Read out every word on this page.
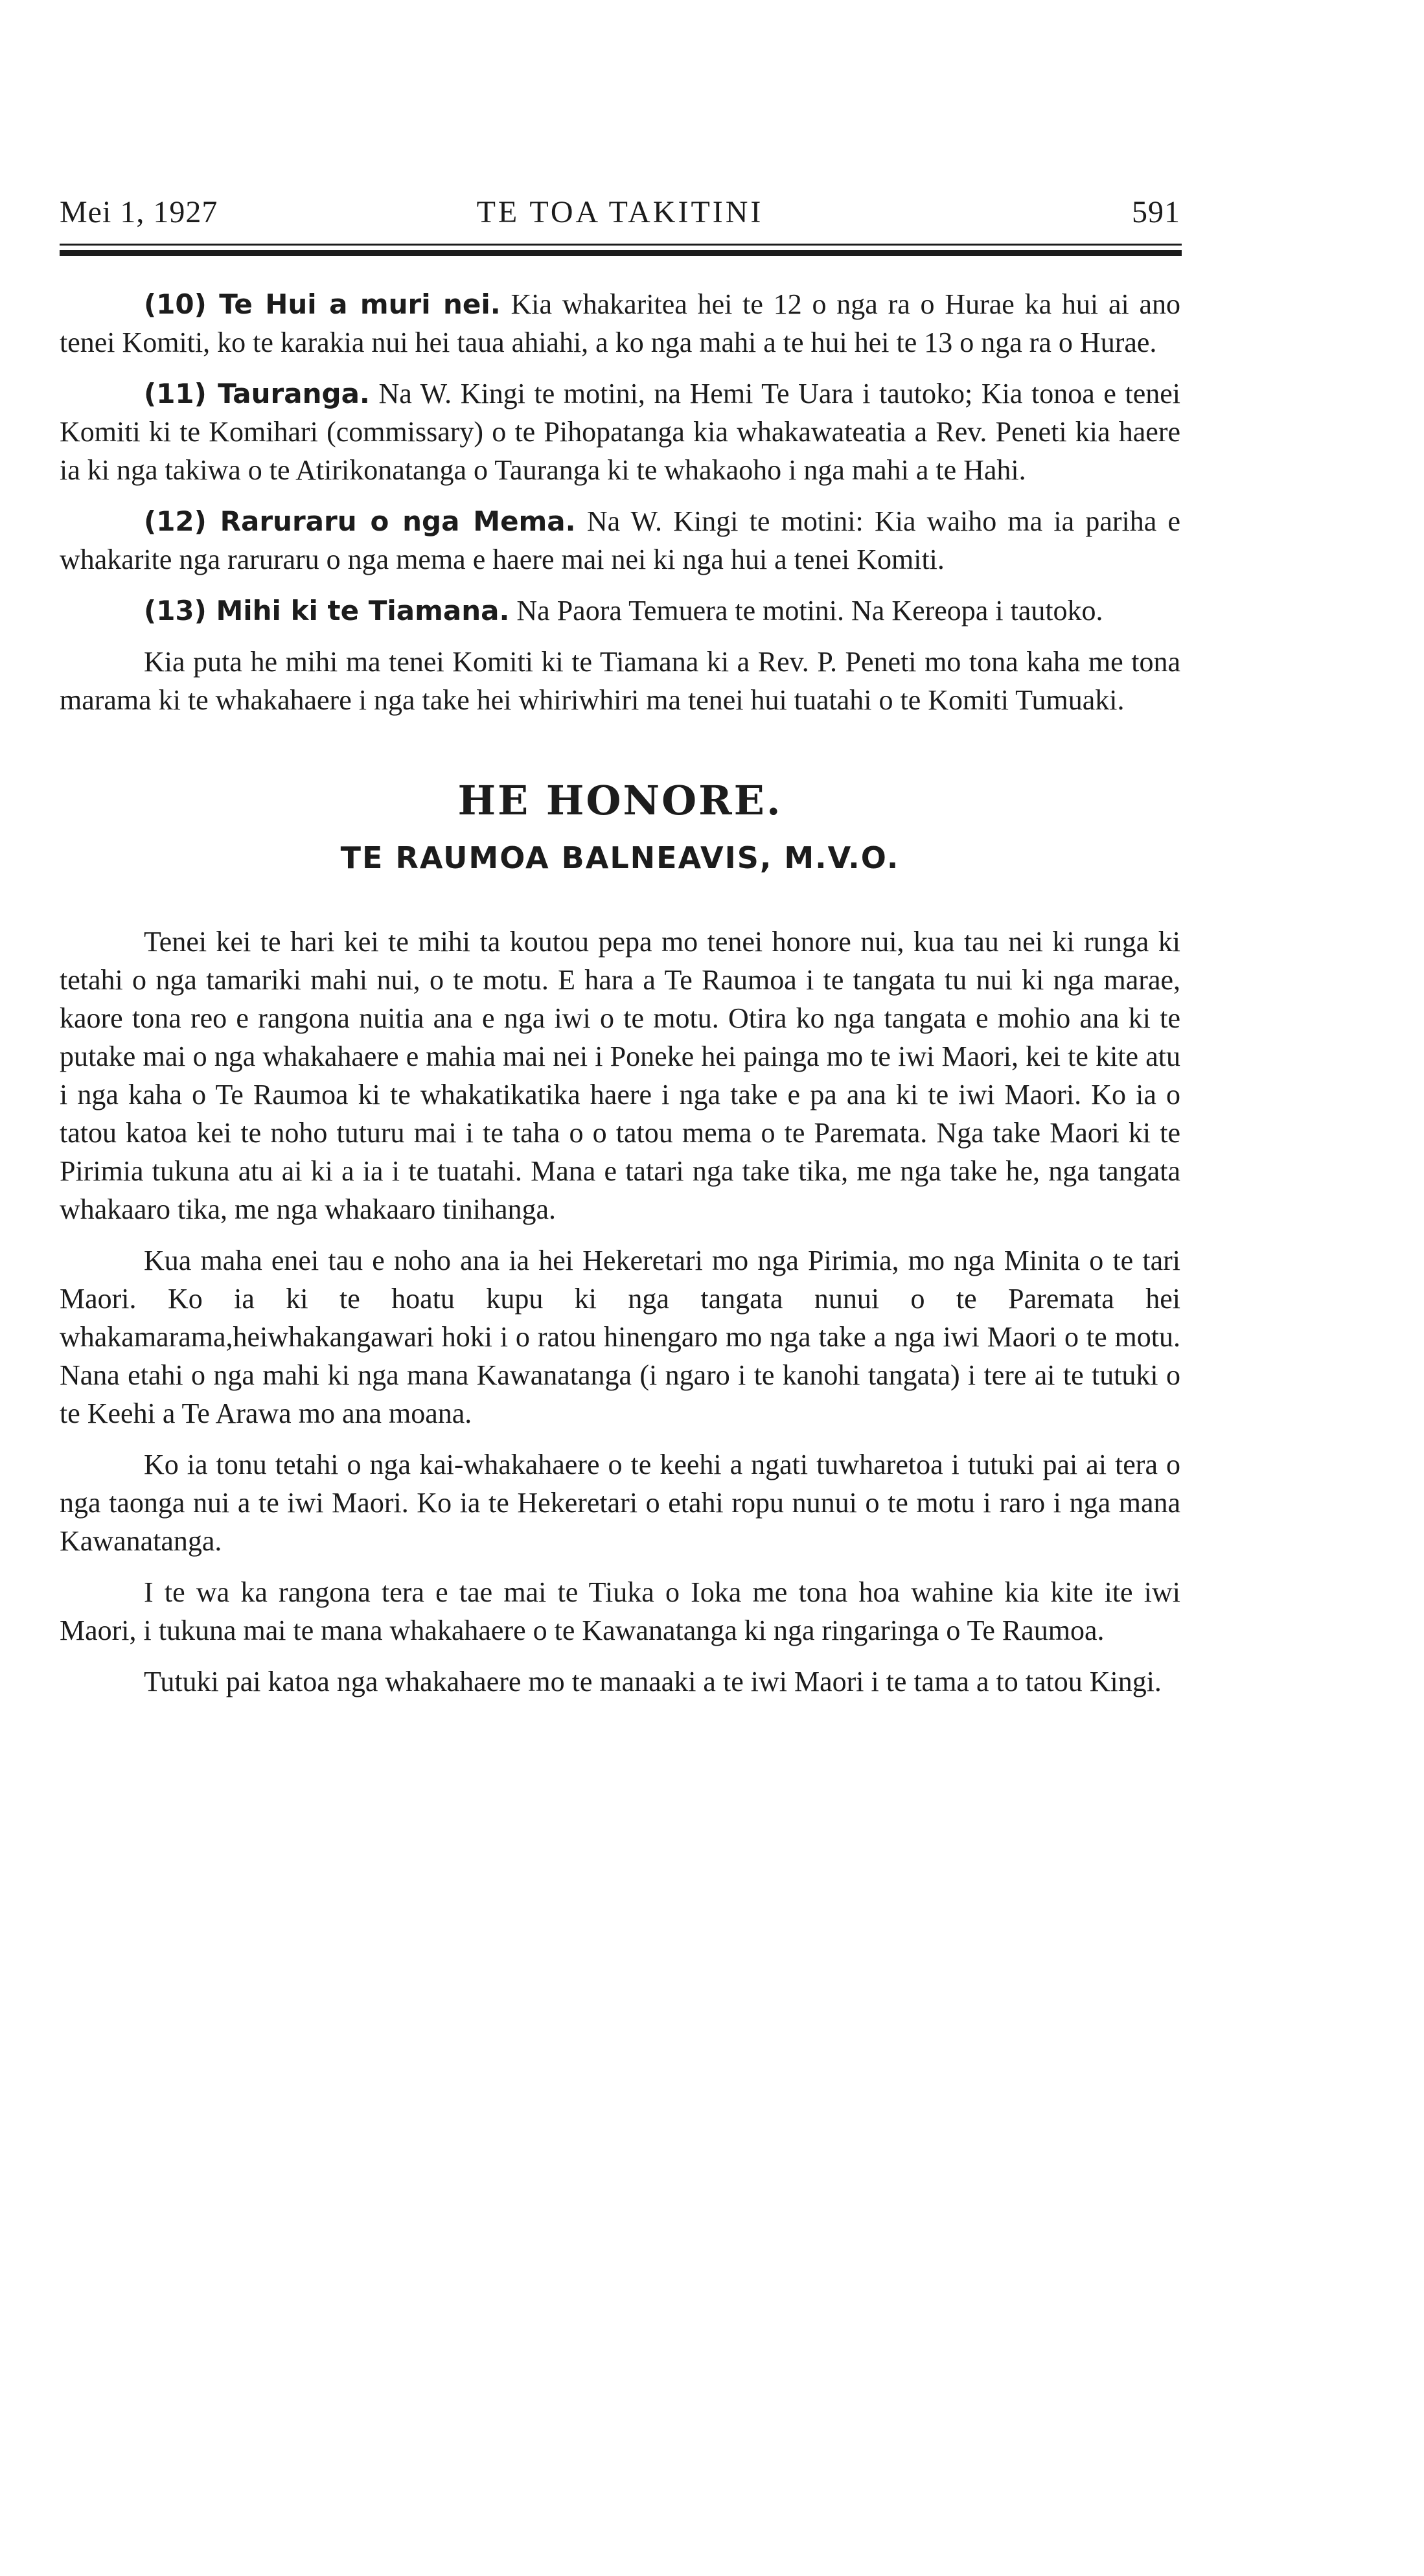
Mei 1, 1927	TE TOA TAKITINI	591

(10) Te Hui a muri nei. Kia whakaritea hei te 12 o nga ra o Hurae ka hui ai ano tenei Komiti, ko te karakia nui hei taua ahiahi, a ko nga mahi a te hui hei te 13 o nga ra o Hurae.

(11) Tauranga. Na W. Kingi te motini, na Hemi Te Uara i tautoko; Kia tonoa e tenei Komiti ki te Komihari (commissary) o te Pihopatanga kia whakawateatia a Rev. Peneti kia haere ia ki nga takiwa o te Atirikonatanga o Tauranga ki te whakaoho i nga mahi a te Hahi.

(12) Raruraru o nga Mema. Na W. Kingi te motini: Kia waiho ma ia pariha e whakarite nga raruraru o nga mema e haere mai nei ki nga hui a tenei Komiti.

(13) Mihi ki te Tiamana. Na Paora Temuera te motini. Na Kereopa i tautoko.

Kia puta he mihi ma tenei Komiti ki te Tiamana ki a Rev. P. Peneti mo tona kaha me tona marama ki te whakahaere i nga take hei whiriwhiri ma tenei hui tuatahi o te Komiti Tumuaki.

HE HONORE.
TE RAUMOA BALNEAVIS, M.V.O.

Tenei kei te hari kei te mihi ta koutou pepa mo tenei honore nui, kua tau nei ki runga ki tetahi o nga tamariki mahi nui, o te motu. E hara a Te Raumoa i te tangata tu nui ki nga marae, kaore tona reo e rangona nuitia ana e nga iwi o te motu. Otira ko nga tangata e mohio ana ki te putake mai o nga whakahaere e mahia mai nei i Poneke hei painga mo te iwi Maori, kei te kite atu i nga kaha o Te Raumoa ki te whakatikatika haere i nga take e pa ana ki te iwi Maori. Ko ia o tatou katoa kei te noho tuturu mai i te taha o o tatou mema o te Paremata. Nga take Maori ki te Pirimia tukuna atu ai ki a ia i te tuatahi. Mana e tatari nga take tika, me nga take he, nga tangata whakaaro tika, me nga whakaaro tinihanga.

Kua maha enei tau e noho ana ia hei Hekeretari mo nga Pirimia, mo nga Minita o te tari Maori. Ko ia ki te hoatu kupu ki nga tangata nunui o te Paremata hei whakamarama,heiwhakangawari hoki i o ratou hinengaro mo nga take a nga iwi Maori o te motu. Nana etahi o nga mahi ki nga mana Kawanatanga (i ngaro i te kanohi tangata) i tere ai te tutuki o te Keehi a Te Arawa mo ana moana.

Ko ia tonu tetahi o nga kai-whakahaere o te keehi a ngati tuwharetoa i tutuki pai ai tera o nga taonga nui a te iwi Maori. Ko ia te Hekeretari o etahi ropu nunui o te motu i raro i nga mana Kawanatanga.

I te wa ka rangona tera e tae mai te Tiuka o Ioka me tona hoa wahine kia kite ite iwi Maori, i tukuna mai te mana whakahaere o te Kawanatanga ki nga ringaringa o Te Raumoa.

Tutuki pai katoa nga whakahaere mo te manaaki a te iwi Maori i te tama a to tatou Kingi.
